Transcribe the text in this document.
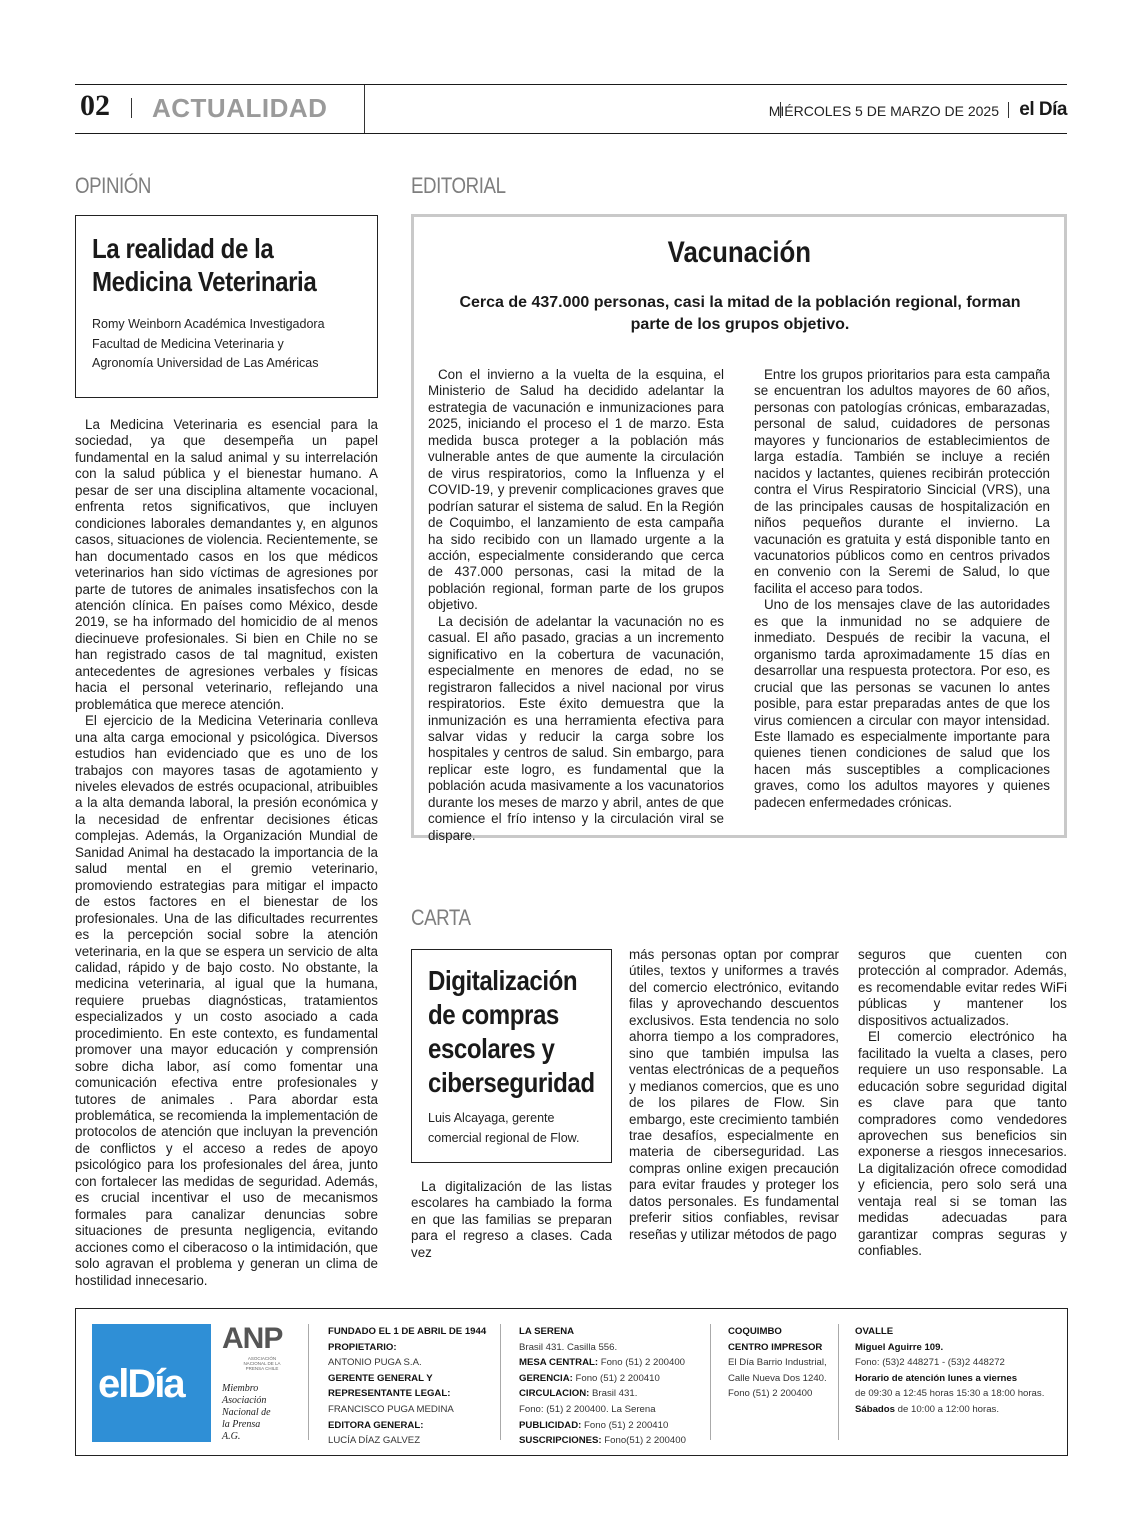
02 ACTUALIDAD	MIÉRCOLES 5 DE MARZO DE 2025 el Día
OPINIÓN
La realidad de la
Medicina Veterinaria
Romy Weinborn Académica Investigadora
Facultad de Medicina Veterinaria y
Agronomía Universidad de Las Américas

La Medicina Veterinaria es esencial para la sociedad, ya que desempeña un papel fundamental en la salud animal y su interrelación con la salud pública y el bienestar humano. A pesar de ser una disciplina altamente vocacional, enfrenta retos significativos, que incluyen condiciones laborales demandantes y, en algunos casos, situaciones de violencia. Recientemente, se han documentado casos en los que médicos veterinarios han sido víctimas de agresiones por parte de tutores de animales insatisfechos con la atención clínica. En países como México, desde 2019, se ha informado del homicidio de al menos diecinueve profesionales. Si bien en Chile no se han registrado casos de tal magnitud, existen antecedentes de agresiones verbales y físicas hacia el personal veterinario, reflejando una problemática que merece atención.

El ejercicio de la Medicina Veterinaria conlleva una alta carga emocional y psicológica. Diversos estudios han evidenciado que es uno de los trabajos con mayores tasas de agotamiento y niveles elevados de estrés ocupacional, atribuibles a la alta demanda laboral, la presión económica y la necesidad de enfrentar decisiones éticas complejas. Además, la Organización Mundial de Sanidad Animal ha destacado la importancia de la salud mental en el gremio veterinario, promoviendo estrategias para mitigar el impacto de estos factores en el bienestar de los profesionales. Una de las dificultades recurrentes es la percepción social sobre la atención veterinaria, en la que se espera un servicio de alta calidad, rápido y de bajo costo. No obstante, la medicina veterinaria, al igual que la humana, requiere pruebas diagnósticas, tratamientos especializados y un costo asociado a cada procedimiento. En este contexto, es fundamental promover una mayor educación y comprensión sobre dicha labor, así como fomentar una comunicación efectiva entre profesionales y tutores de animales . Para abordar esta problemática, se recomienda la implementación de protocolos de atención que incluyan la prevención de conflictos y el acceso a redes de apoyo psicológico para los profesionales del área, junto con fortalecer las medidas de seguridad. Además, es crucial incentivar el uso de mecanismos formales para canalizar denuncias sobre situaciones de presunta negligencia, evitando acciones como el ciberacoso o la intimidación, que solo agravan el problema y generan un clima de hostilidad innecesario.

EDITORIAL
Vacunación
Cerca de 437.000 personas, casi la mitad de la población regional, forman parte de los grupos objetivo.

Con el invierno a la vuelta de la esquina, el Ministerio de Salud ha decidido adelantar la estrategia de vacunación e inmunizaciones para 2025, iniciando el proceso el 1 de marzo. Esta medida busca proteger a la población más vulnerable antes de que aumente la circulación de virus respiratorios, como la Influenza y el COVID-19, y prevenir complicaciones graves que podrían saturar el sistema de salud. En la Región de Coquimbo, el lanzamiento de esta campaña ha sido recibido con un llamado urgente a la acción, especialmente considerando que cerca de 437.000 personas, casi la mitad de la población regional, forman parte de los grupos objetivo.

La decisión de adelantar la vacunación no es casual. El año pasado, gracias a un incremento significativo en la cobertura de vacunación, especialmente en menores de edad, no se registraron fallecidos a nivel nacional por virus respiratorios. Este éxito demuestra que la inmunización es una herramienta efectiva para salvar vidas y reducir la carga sobre los hospitales y centros de salud. Sin embargo, para replicar este logro, es fundamental que la población acuda masivamente a los vacunatorios durante los meses de marzo y abril, antes de que comience el frío intenso y la circulación viral se dispare.

Entre los grupos prioritarios para esta campaña se encuentran los adultos mayores de 60 años, personas con patologías crónicas, embarazadas, personal de salud, cuidadores de personas mayores y funcionarios de establecimientos de larga estadía. También se incluye a recién nacidos y lactantes, quienes recibirán protección contra el Virus Respiratorio Sincicial (VRS), una de las principales causas de hospitalización en niños pequeños durante el invierno. La vacunación es gratuita y está disponible tanto en vacunatorios públicos como en centros privados en convenio con la Seremi de Salud, lo que facilita el acceso para todos.

Uno de los mensajes clave de las autoridades es que la inmunidad no se adquiere de inmediato. Después de recibir la vacuna, el organismo tarda aproximadamente 15 días en desarrollar una respuesta protectora. Por eso, es crucial que las personas se vacunen lo antes posible, para estar preparadas antes de que los virus comiencen a circular con mayor intensidad. Este llamado es especialmente importante para quienes tienen condiciones de salud que los hacen más susceptibles a complicaciones graves, como los adultos mayores y quienes padecen enfermedades crónicas.

CARTA
Digitalización
de compras
escolares y
ciberseguridad
Luis Alcayaga, gerente
comercial regional de Flow.

La digitalización de las listas escolares ha cambiado la forma en que las familias se preparan para el regreso a clases. Cada vez

más personas optan por comprar útiles, textos y uniformes a través del comercio electrónico, evitando filas y aprovechando descuentos exclusivos. Esta tendencia no solo ahorra tiempo a los compradores, sino que también impulsa las ventas electrónicas de a pequeños y medianos comercios, que es uno de los pilares de Flow. Sin embargo, este crecimiento también trae desafíos, especialmente en materia de ciberseguridad. Las compras online exigen precaución para evitar fraudes y proteger los datos personales. Es fundamental preferir sitios confiables, revisar reseñas y utilizar métodos de pago

seguros que cuenten con protección al comprador. Además, es recomendable evitar redes WiFi públicas y mantener los dispositivos actualizados.

El comercio electrónico ha facilitado la vuelta a clases, pero requiere un uso responsable. La educación sobre seguridad digital es clave para que tanto compradores como vendedores aprovechen sus beneficios sin exponerse a riesgos innecesarios. La digitalización ofrece comodidad y eficiencia, pero solo será una ventaja real si se toman las medidas adecuadas para garantizar compras seguras y confiables.

elDía
ANP
ASOCIACIÓN NACIONAL DE LA PRENSA CHILE
Miembro
Asociación
Nacional de
la Prensa
A.G.
FUNDADO EL 1 DE ABRIL DE 1944
PROPIETARIO:
ANTONIO PUGA S.A.
GERENTE GENERAL Y
REPRESENTANTE LEGAL:
FRANCISCO PUGA MEDINA
EDITORA GENERAL:
LUCÍA DÍAZ GALVEZ
LA SERENA
Brasil 431. Casilla 556.
MESA CENTRAL: Fono (51) 2 200400
GERENCIA: Fono (51) 2 200410
CIRCULACION: Brasil 431.
Fono: (51) 2 200400. La Serena
PUBLICIDAD: Fono (51) 2 200410
SUSCRIPCIONES: Fono(51) 2 200400
COQUIMBO
CENTRO IMPRESOR
El Día Barrio Industrial,
Calle Nueva Dos 1240.
Fono (51) 2 200400
OVALLE
Miguel Aguirre 109.
Fono: (53)2 448271 - (53)2 448272
Horario de atención lunes a viernes
de 09:30 a 12:45 horas 15:30 a 18:00 horas.
Sábados de 10:00 a 12:00 horas.
